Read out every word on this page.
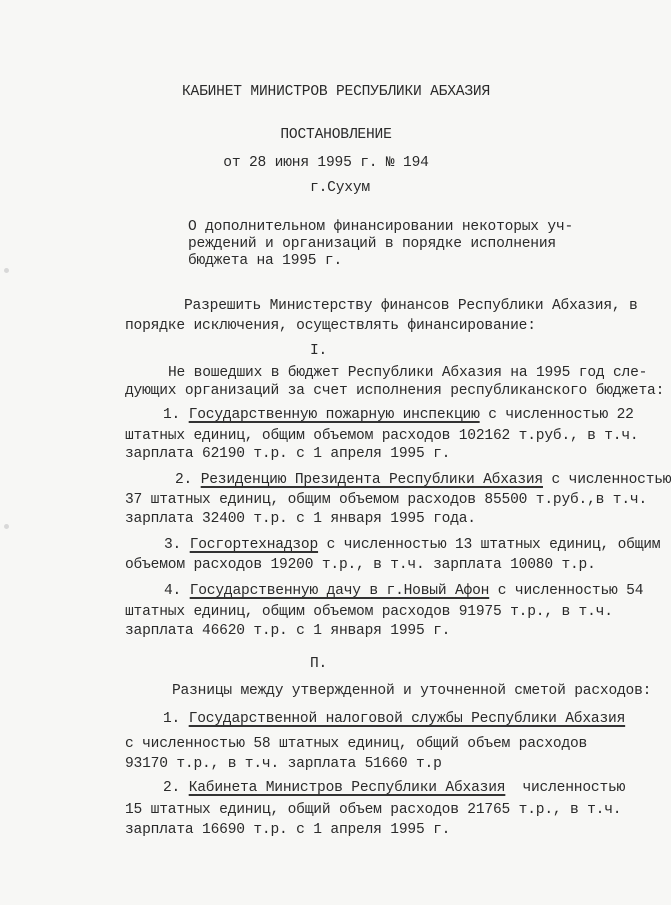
КАБИНЕТ МИНИСТРОВ РЕСПУБЛИКИ АБХАЗИЯ
ПОСТАНОВЛЕНИЕ
от 28 июня 1995 г. № 194
г.Сухум
О дополнительном финансировании некоторых уч-
реждений и организаций в порядке исполнения
бюджета на 1995 г.
Разрешить Министерству финансов Республики Абхазия, в
порядке исключения, осуществлять финансирование:
I.
Не вошедших в бюджет Республики Абхазия на 1995 год сле-
дующих организаций за счет исполнения республиканского бюджета:
1. Государственную пожарную инспекцию с численностью 22
штатных единиц, общим объемом расходов 102162 т.руб., в т.ч.
зарплата 62190 т.р. с 1 апреля 1995 г.
2. Резиденцию Президента Республики Абхазия с численностью
37 штатных единиц, общим объемом расходов 85500 т.руб.,в т.ч.
зарплата 32400 т.р. с 1 января 1995 года.
3. Госгортехнадзор с численностью 13 штатных единиц, общим
объемом расходов 19200 т.р., в т.ч. зарплата 10080 т.р.
4. Государственную дачу в г.Новый Афон с численностью 54
штатных единиц, общим объемом расходов 91975 т.р., в т.ч.
зарплата 46620 т.р. с 1 января 1995 г.
П.
Разницы между утвержденной и уточненной сметой расходов:
1. Государственной налоговой службы Республики Абхазия
с численностью 58 штатных единиц, общий объем расходов
93170 т.р., в т.ч. зарплата 51660 т.р
2. Кабинета Министров Республики Абхазия  численностью
15 штатных единиц, общий объем расходов 21765 т.р., в т.ч.
зарплата 16690 т.р. с 1 апреля 1995 г.
